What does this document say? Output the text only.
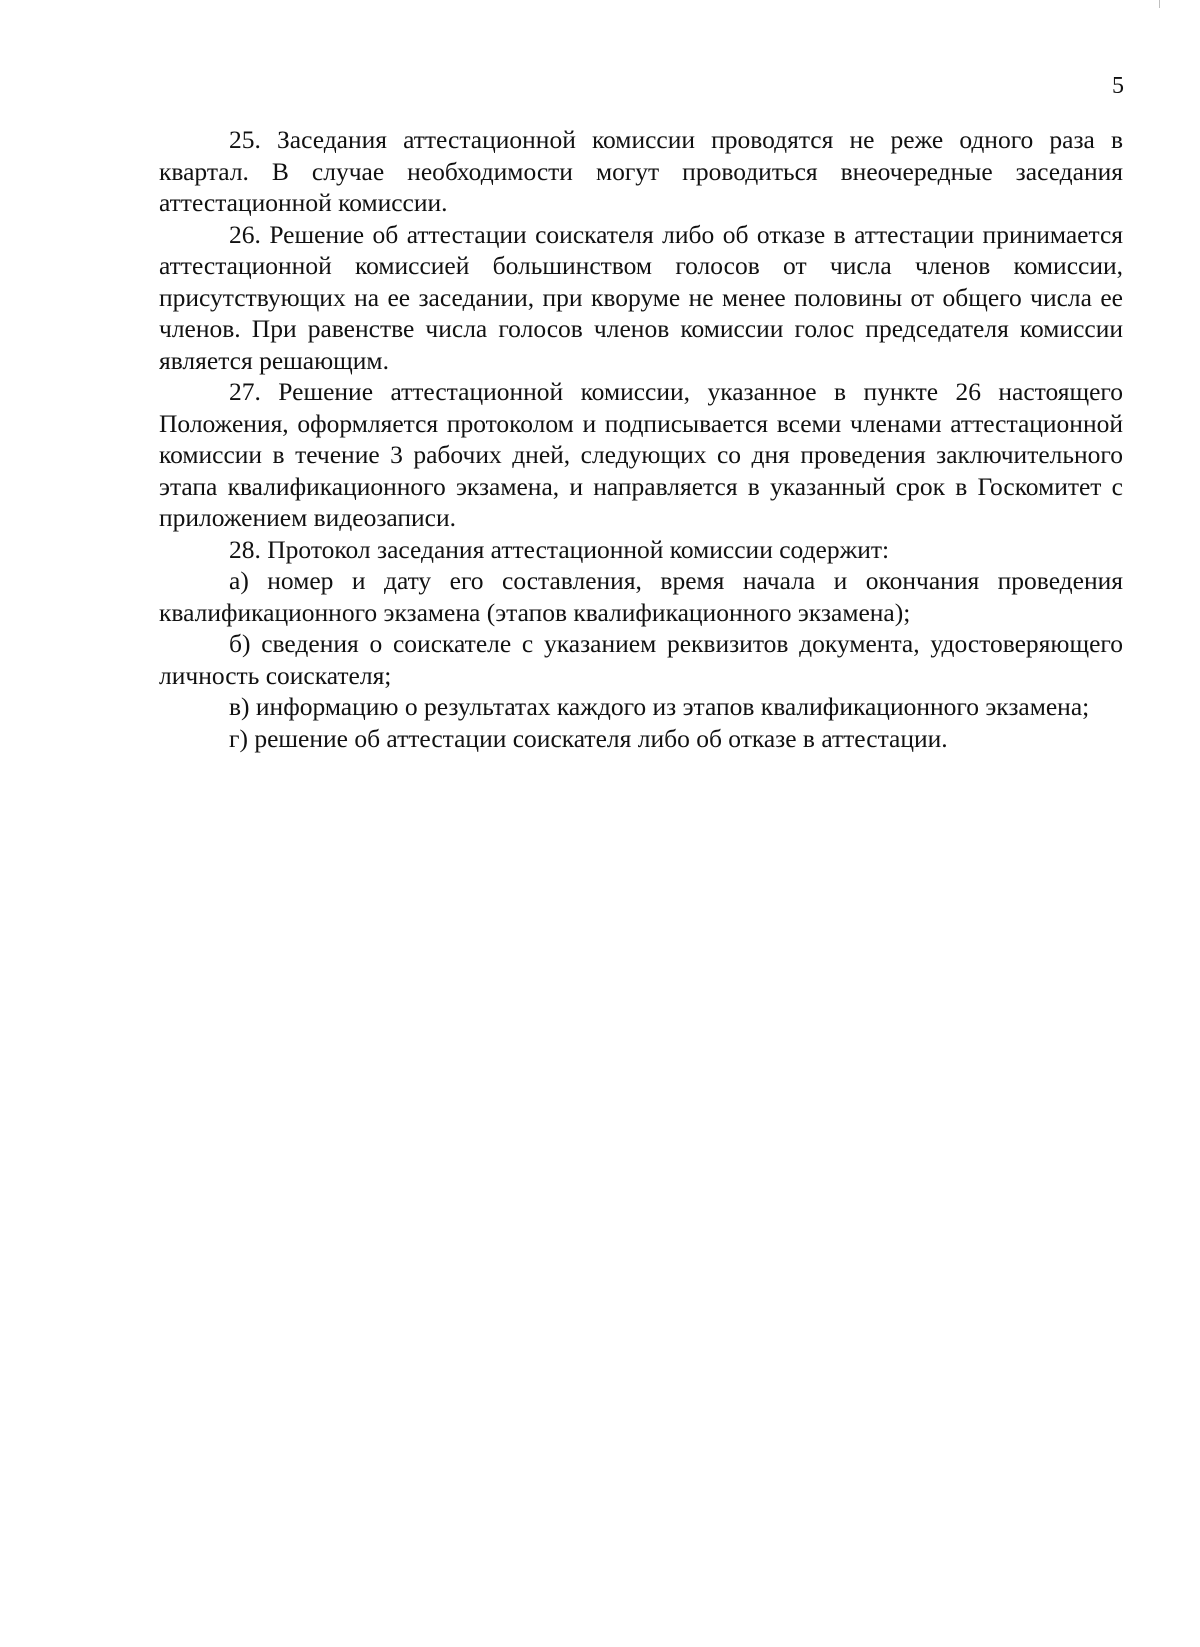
5

25. Заседания аттестационной комиссии проводятся не реже одного раза в квартал. В случае необходимости могут проводиться внеочередные заседания аттестационной комиссии.

26. Решение об аттестации соискателя либо об отказе в аттестации принимается аттестационной комиссией большинством голосов от числа членов комиссии, присутствующих на ее заседании, при кворуме не менее половины от общего числа ее членов. При равенстве числа голосов членов комиссии голос председателя комиссии является решающим.

27. Решение аттестационной комиссии, указанное в пункте 26 настоящего Положения, оформляется протоколом и подписывается всеми членами аттестационной комиссии в течение 3 рабочих дней, следующих со дня проведения заключительного этапа квалификационного экзамена, и направляется в указанный срок в Госкомитет с приложением видеозаписи.

28. Протокол заседания аттестационной комиссии содержит:

а) номер и дату его составления, время начала и окончания проведения квалификационного экзамена (этапов квалификационного экзамена);

б) сведения о соискателе с указанием реквизитов документа, удостоверяющего личность соискателя;

в) информацию о результатах каждого из этапов квалификационного экзамена;

г) решение об аттестации соискателя либо об отказе в аттестации.
